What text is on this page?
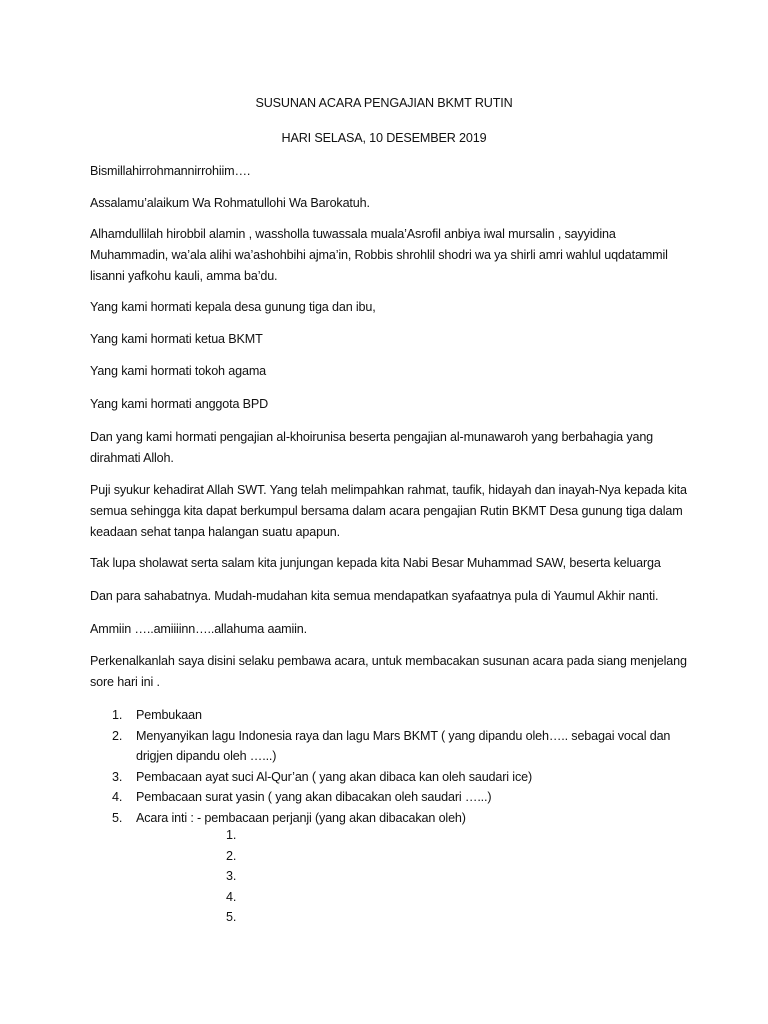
SUSUNAN ACARA PENGAJIAN BKMT RUTIN
HARI SELASA, 10 DESEMBER 2019

Bismillahirrohmannirrohiim….

Assalamu’alaikum Wa Rohmatullohi Wa Barokatuh.

Alhamdullilah hirobbil alamin , wassholla tuwassala muala’Asrofil anbiya iwal mursalin , sayyidina Muhammadin, wa’ala alihi wa’ashohbihi ajma’in, Robbis shrohlil shodri wa ya shirli amri wahlul uqdatammil lisanni yafkohu kauli, amma ba’du.

Yang kami hormati kepala desa gunung tiga dan ibu,

Yang kami hormati ketua BKMT

Yang kami hormati tokoh agama

Yang kami hormati anggota BPD

Dan yang kami hormati pengajian al-khoirunisa beserta pengajian al-munawaroh yang berbahagia yang dirahmati Alloh.

Puji syukur kehadirat Allah SWT. Yang telah melimpahkan rahmat, taufik, hidayah dan inayah-Nya kepada kita semua sehingga kita dapat berkumpul bersama dalam acara pengajian Rutin BKMT Desa gunung tiga dalam keadaan sehat tanpa halangan suatu apapun.

Tak lupa sholawat serta salam kita junjungan kepada kita Nabi Besar Muhammad SAW, beserta keluarga

Dan para sahabatnya. Mudah-mudahan kita semua mendapatkan syafaatnya pula di Yaumul Akhir nanti.

Ammiin …..amiiiinn…..allahuma aamiin.

Perkenalkanlah saya disini selaku pembawa acara, untuk membacakan susunan acara pada siang menjelang sore hari ini .

1. Pembukaan
2. Menyanyikan lagu Indonesia raya dan lagu Mars BKMT ( yang dipandu oleh….. sebagai vocal dan drigjen dipandu oleh …...)
3. Pembacaan ayat suci Al-Qur’an ( yang akan dibaca kan oleh saudari ice)
4. Pembacaan surat yasin ( yang akan dibacakan oleh saudari …...)
5. Acara inti : - pembacaan perjanji (yang akan dibacakan oleh)
1.
2.
3.
4.
5.
